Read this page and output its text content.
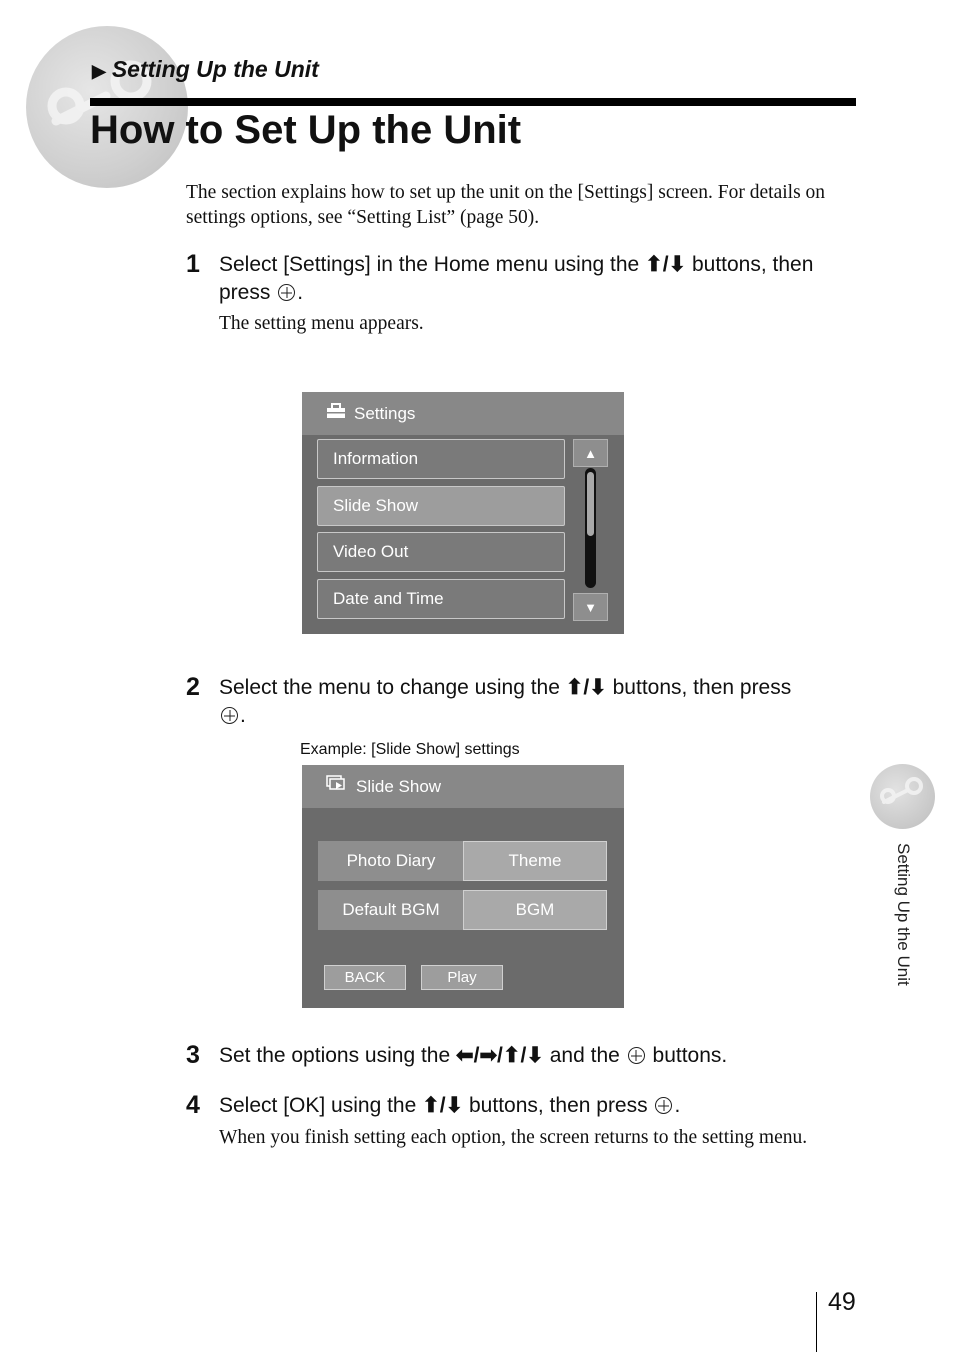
▶ Setting Up the Unit
How to Set Up the Unit
The section explains how to set up the unit on the [Settings] screen. For details on settings options, see “Setting List” (page 50).
1 Select [Settings] in the Home menu using the ⬆/⬇ buttons, then
press .
The setting menu appears.
Settings
Information
Slide Show
Video Out
Date and Time
▲
▼
2 Select the menu to change using the ⬆/⬇ buttons, then press
.
Example: [Slide Show] settings
Slide Show
Photo Diary	Theme
Default BGM	BGM
BACK	Play
3 Set the options using the ⬅/➡/⬆/⬇ and the buttons.
4 Select [OK] using the ⬆/⬇ buttons, then press .
When you finish setting each option, the screen returns to the setting menu.
Setting Up the Unit
49
